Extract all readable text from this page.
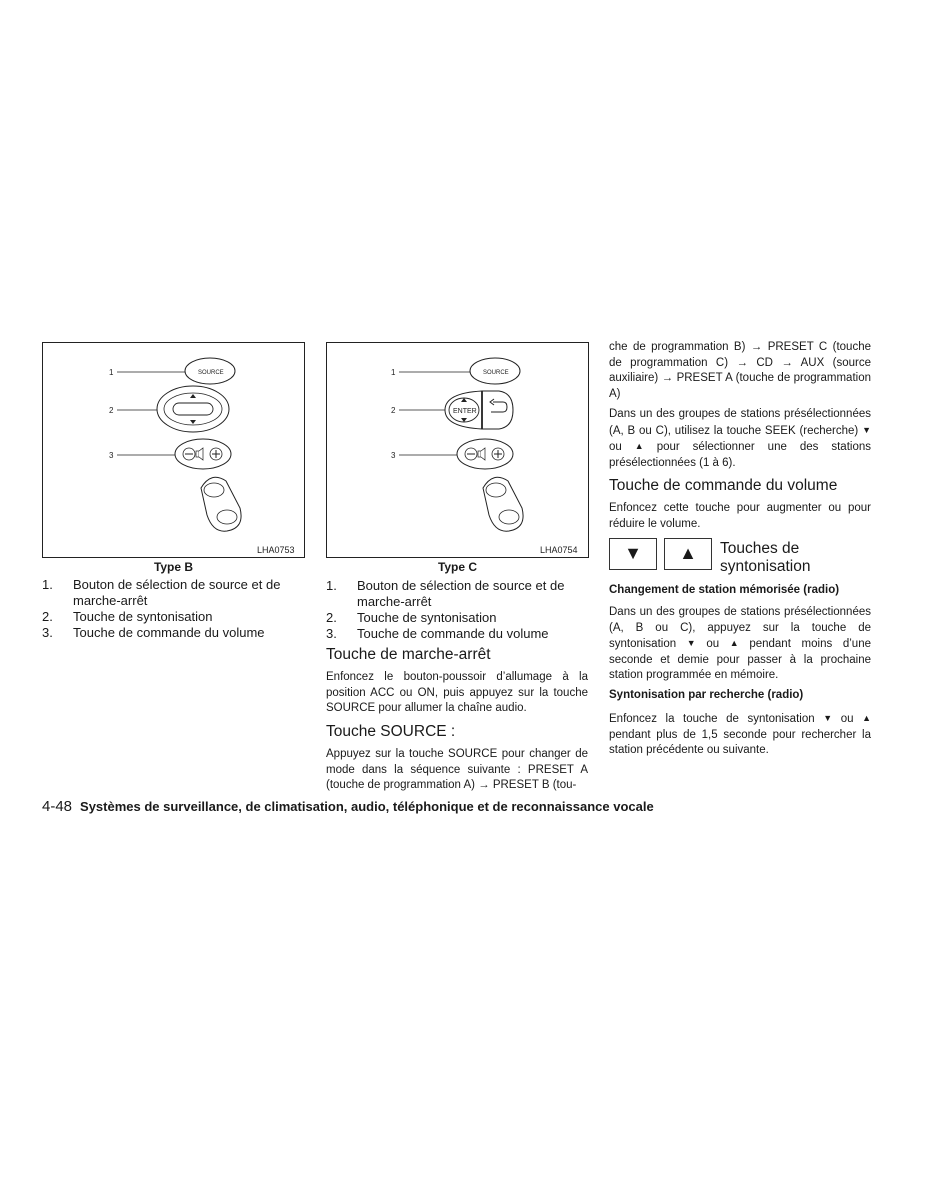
1
2
3
SOURCE
LHA0753
Type B
1
2
3
SOURCE
ENTER
LHA0754
Type C
1. Bouton de sélection de source et de marche-arrêt
2. Touche de syntonisation
3. Touche de commande du volume
1. Bouton de sélection de source et de marche-arrêt
2. Touche de syntonisation
3. Touche de commande du volume
Touche de marche-arrêt
Enfoncez le bouton-poussoir d’allumage à la position ACC ou ON, puis appuyez sur la touche SOURCE pour allumer la chaîne audio.
Touche SOURCE :
Appuyez sur la touche SOURCE pour changer de mode dans la séquence suivante : PRESET A (touche de programmation A) → PRESET B (tou-
che de programmation B) → PRESET C (touche de programmation C) → CD → AUX (source auxiliaire) → PRESET A (touche de programmation A)
Dans un des groupes de stations présélectionnées (A, B ou C), utilisez la touche SEEK (recherche) ▼ ou ▲ pour sélectionner une des stations présélectionnées (1 à 6).
Touche de commande du volume
Enfoncez cette touche pour augmenter ou pour réduire le volume.
▼	▲	Touches de syntonisation
Changement de station mémorisée (radio)
Dans un des groupes de stations présélectionnées (A, B ou C), appuyez sur la touche de syntonisation ▼ ou ▲ pendant moins d’une seconde et demie pour passer à la prochaine station programmée en mémoire.
Syntonisation par recherche (radio)
Enfoncez la touche de syntonisation ▼ ou ▲ pendant plus de 1,5 seconde pour rechercher la station précédente ou suivante.
4-48 Systèmes de surveillance, de climatisation, audio, téléphonique et de reconnaissance vocale
